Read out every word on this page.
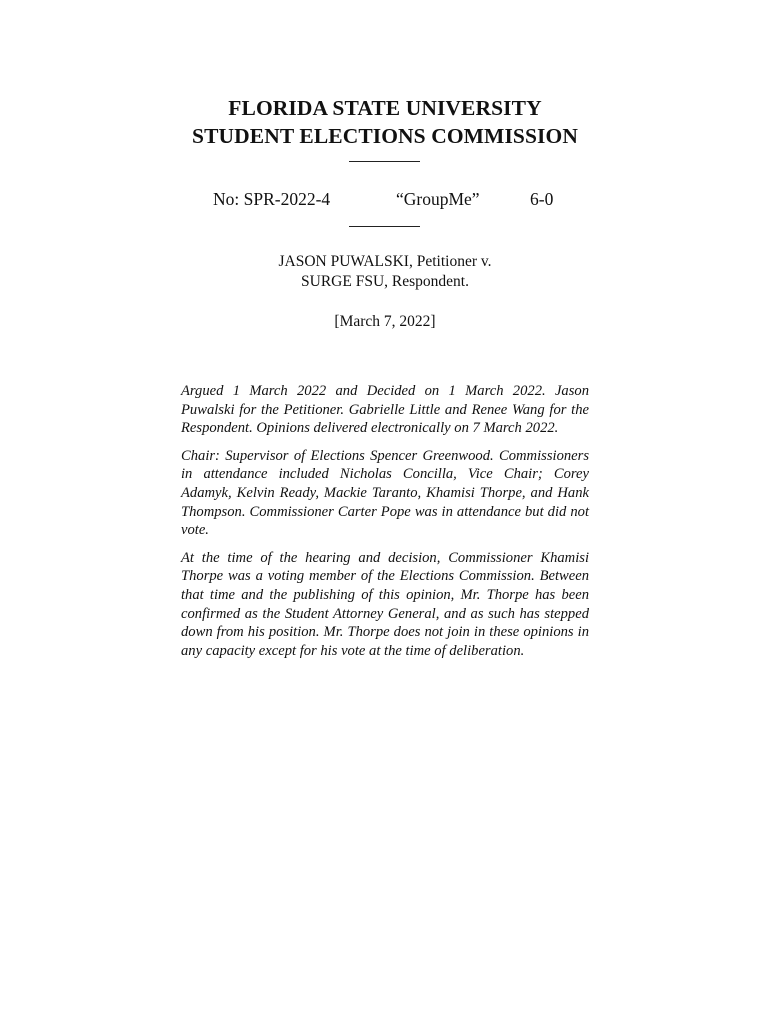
FLORIDA STATE UNIVERSITY
STUDENT ELECTIONS COMMISSION
No: SPR-2022-4	“GroupMe”	6-0
JASON PUWALSKI, Petitioner v.
SURGE FSU, Respondent.
[March 7, 2022]

Argued 1 March 2022 and Decided on 1 March 2022. Jason Puwalski for the Petitioner. Gabrielle Little and Renee Wang for the Respondent. Opinions delivered electronically on 7 March 2022.

Chair: Supervisor of Elections Spencer Greenwood. Commissioners in attendance included Nicholas Concilla, Vice Chair; Corey Adamyk, Kelvin Ready, Mackie Taranto, Khamisi Thorpe, and Hank Thompson. Commissioner Carter Pope was in attendance but did not vote.

At the time of the hearing and decision, Commissioner Khamisi Thorpe was a voting member of the Elections Commission. Between that time and the publishing of this opinion, Mr. Thorpe has been confirmed as the Student Attorney General, and as such has stepped down from his position. Mr. Thorpe does not join in these opinions in any capacity except for his vote at the time of deliberation.
